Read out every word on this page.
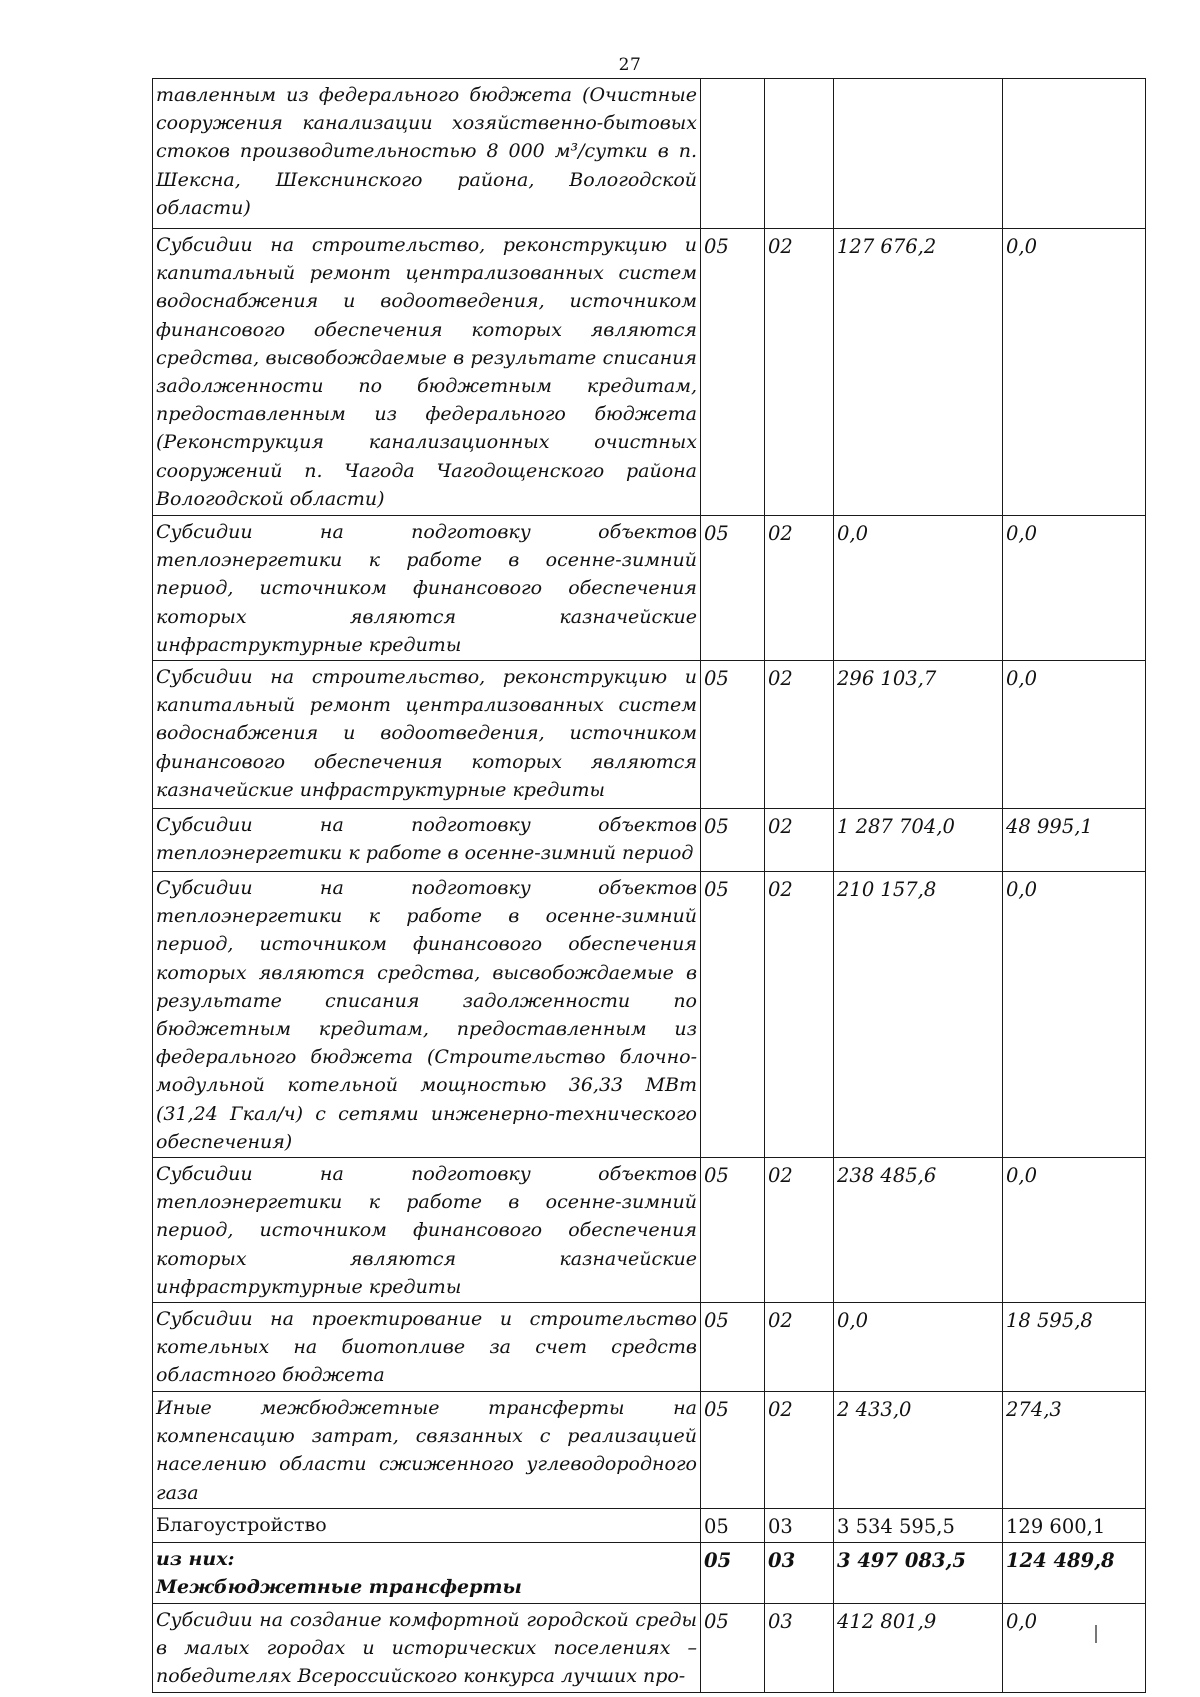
27
тавленным из федерального бюджета (Очистные сооружения канализации хозяйственно-бытовых стоков производительностью 8 000 м³/сутки в п. Шексна, Шекснинского района, Вологодской области)				
Субсидии на строительство, реконструкцию и капитальный ремонт централизованных систем водоснабжения и водоотведения, источником финансового обеспечения которых являются средства, высвобождаемые в результате списания задолженности по бюджетным кредитам, предоставленным из федерального бюджета (Реконструкция канализационных очистных сооружений п. Чагода Чагодощенского района Вологодской области)	05	02	127 676,2	0,0
Субсидии на подготовку объектов теплоэнергетики к работе в осенне-зимний период, источником финансового обеспечения которых являются казначейские инфраструктурные кредиты	05	02	0,0	0,0
Субсидии на строительство, реконструкцию и капитальный ремонт централизованных систем водоснабжения и водоотведения, источником финансового обеспечения которых являются казначейские инфраструктурные кредиты	05	02	296 103,7	0,0
Субсидии на подготовку объектов теплоэнергетики к работе в осенне-зимний период	05	02	1 287 704,0	48 995,1
Субсидии на подготовку объектов теплоэнергетики к работе в осенне-зимний период, источником финансового обеспечения которых являются средства, высвобождаемые в результате списания задолженности по бюджетным кредитам, предоставленным из федерального бюджета (Строительство блочно-модульной котельной мощностью 36,33 МВт (31,24 Гкал/ч) с сетями инженерно-технического обеспечения)	05	02	210 157,8	0,0
Субсидии на подготовку объектов теплоэнергетики к работе в осенне-зимний период, источником финансового обеспечения которых являются казначейские инфраструктурные кредиты	05	02	238 485,6	0,0
Субсидии на проектирование и строительство котельных на биотопливе за счет средств областного бюджета	05	02	0,0	18 595,8
Иные межбюджетные трансферты на компенсацию затрат, связанных с реализацией населению области сжиженного углеводородного газа	05	02	2 433,0	274,3
Благоустройство	05	03	3 534 595,5	129 600,1

из них:
Межбюджетные трансферты	05	03	3 497 083,5	124 489,8
Субсидии на создание комфортной городской среды в малых городах и исторических поселениях – победителях Всероссийского конкурса лучших про-	05	03	412 801,9	0,0
